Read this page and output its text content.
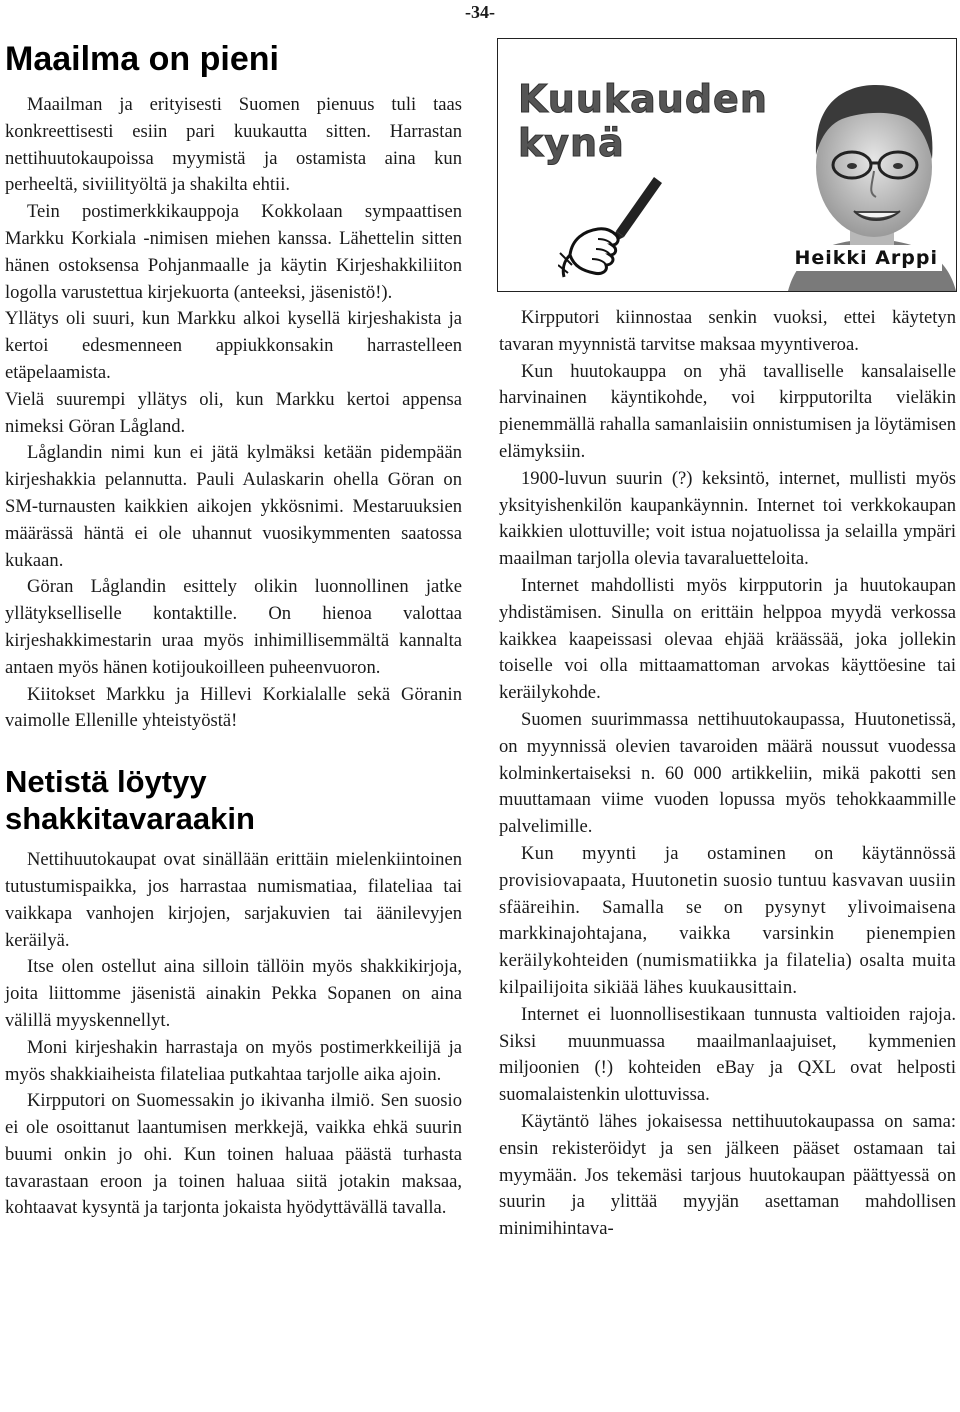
-34-
Maailma on pieni

Maailman ja erityisesti Suomen pienuus tuli taas konkreettisesti esiin pari kuukautta sitten. Harrastan nettihuutokaupoissa myymistä ja ostamista aina kun perheeltä, siviilityöltä ja shakilta ehtii.

Tein postimerkkikauppoja Kokkolaan sympaattisen Markku Korkiala -nimisen miehen kanssa. Lähettelin sitten hänen ostoksensa Pohjanmaalle ja käytin Kirjeshakkiliiton logolla varustettua kirjekuorta (anteeksi, jäsenistö!).

Yllätys oli suuri, kun Markku alkoi kysellä kirjeshakista ja kertoi edesmenneen appiukkonsakin harrastelleen etäpelaamista.

Vielä suurempi yllätys oli, kun Markku kertoi appensa nimeksi Göran Lågland.

Låglandin nimi kun ei jätä kylmäksi ketään pidempään kirjeshakkia pelannutta. Pauli Aulaskarin ohella Göran on SM-turnausten kaikkien aikojen ykkösnimi. Mestaruuksien määrässä häntä ei ole uhannut vuosikymmenten saatossa kukaan.

Göran Låglandin esittely olikin luonnollinen jatke yllätykselliselle kontaktille. On hienoa valottaa kirjeshakkimestarin uraa myös inhimillisemmältä kannalta antaen myös hänen kotijoukoilleen puheenvuoron.

Kiitokset Markku ja Hillevi Korkialalle sekä Göranin vaimolle Ellenille yhteistyöstä!

Netistä löytyy
shakkitavaraakin

Nettihuutokaupat ovat sinällään erittäin mielenkiintoinen tutustumispaikka, jos harrastaa numismatiaa, filateliaa tai vaikkapa vanhojen kirjojen, sarjakuvien tai äänilevyjen keräilyä.

Itse olen ostellut aina silloin tällöin myös shakkikirjoja, joita liittomme jäsenistä ainakin Pekka Sopanen on aina välillä myyskennellyt.

Moni kirjeshakin harrastaja on myös postimerkkeilijä ja myös shakkiaiheista filateliaa putkahtaa tarjolle aika ajoin.

Kirpputori on Suomessakin jo ikivanha ilmiö. Sen suosio ei ole osoittanut laantumisen merkkejä, vaikka ehkä suurin buumi onkin jo ohi. Kun toinen haluaa päästä turhasta tavarastaan eroon ja toinen haluaa siitä jotakin maksaa, kohtaavat kysyntä ja tarjonta jokaista hyödyttävällä tavalla.

Kuukauden
kynä
Heikki Arppi

Kirpputori kiinnostaa senkin vuoksi, ettei käytetyn tavaran myynnistä tarvitse maksaa myyntiveroa.

Kun huutokauppa on yhä tavalliselle kansalaiselle harvinainen käyntikohde, voi kirpputorilta vieläkin pienemmällä rahalla samanlaisiin onnistumisen ja löytämisen elämyksiin.

1900-luvun suurin (?) keksintö, internet, mullisti myös yksityishenkilön kaupankäynnin. Internet toi verkkokaupan kaikkien ulottuville; voit istua nojatuolissa ja selailla ympäri maailman tarjolla olevia tavaraluetteloita.

Internet mahdollisti myös kirpputorin ja huutokaupan yhdistämisen. Sinulla on erittäin helppoa myydä verkossa kaikkea kaapeissasi olevaa ehjää kräässää, joka jollekin toiselle voi olla mittaamattoman arvokas käyttöesine tai keräilykohde.

Suomen suurimmassa nettihuutokaupassa, Huutonetissä, on myynnissä olevien tavaroiden määrä noussut vuodessa kolminkertaiseksi n. 60 000 artikkeliin, mikä pakotti sen muuttamaan viime vuoden lopussa myös tehokkaammille palvelimille.

Kun myynti ja ostaminen on käytännössä provisiovapaata, Huutonetin suosio tuntuu kasvavan uusiin sfääreihin. Samalla se on pysynyt ylivoimaisena markkinajohtajana, vaikka varsinkin pienempien keräilykohteiden (numismatiikka ja filatelia) osalta muita kilpailijoita sikiää lähes kuukausittain.

Internet ei luonnollisestikaan tunnusta valtioiden rajoja. Siksi muunmuassa maailmanlaajuiset, kymmenien miljoonien (!) kohteiden eBay ja QXL ovat helposti suomalaistenkin ulottuvissa.

Käytäntö lähes jokaisessa nettihuutokaupassa on sama: ensin rekisteröidyt ja sen jälkeen pääset ostamaan tai myymään. Jos tekemäsi tarjous huutokaupan päättyessä on suurin ja ylittää myyjän asettaman mahdollisen minimihintava-
